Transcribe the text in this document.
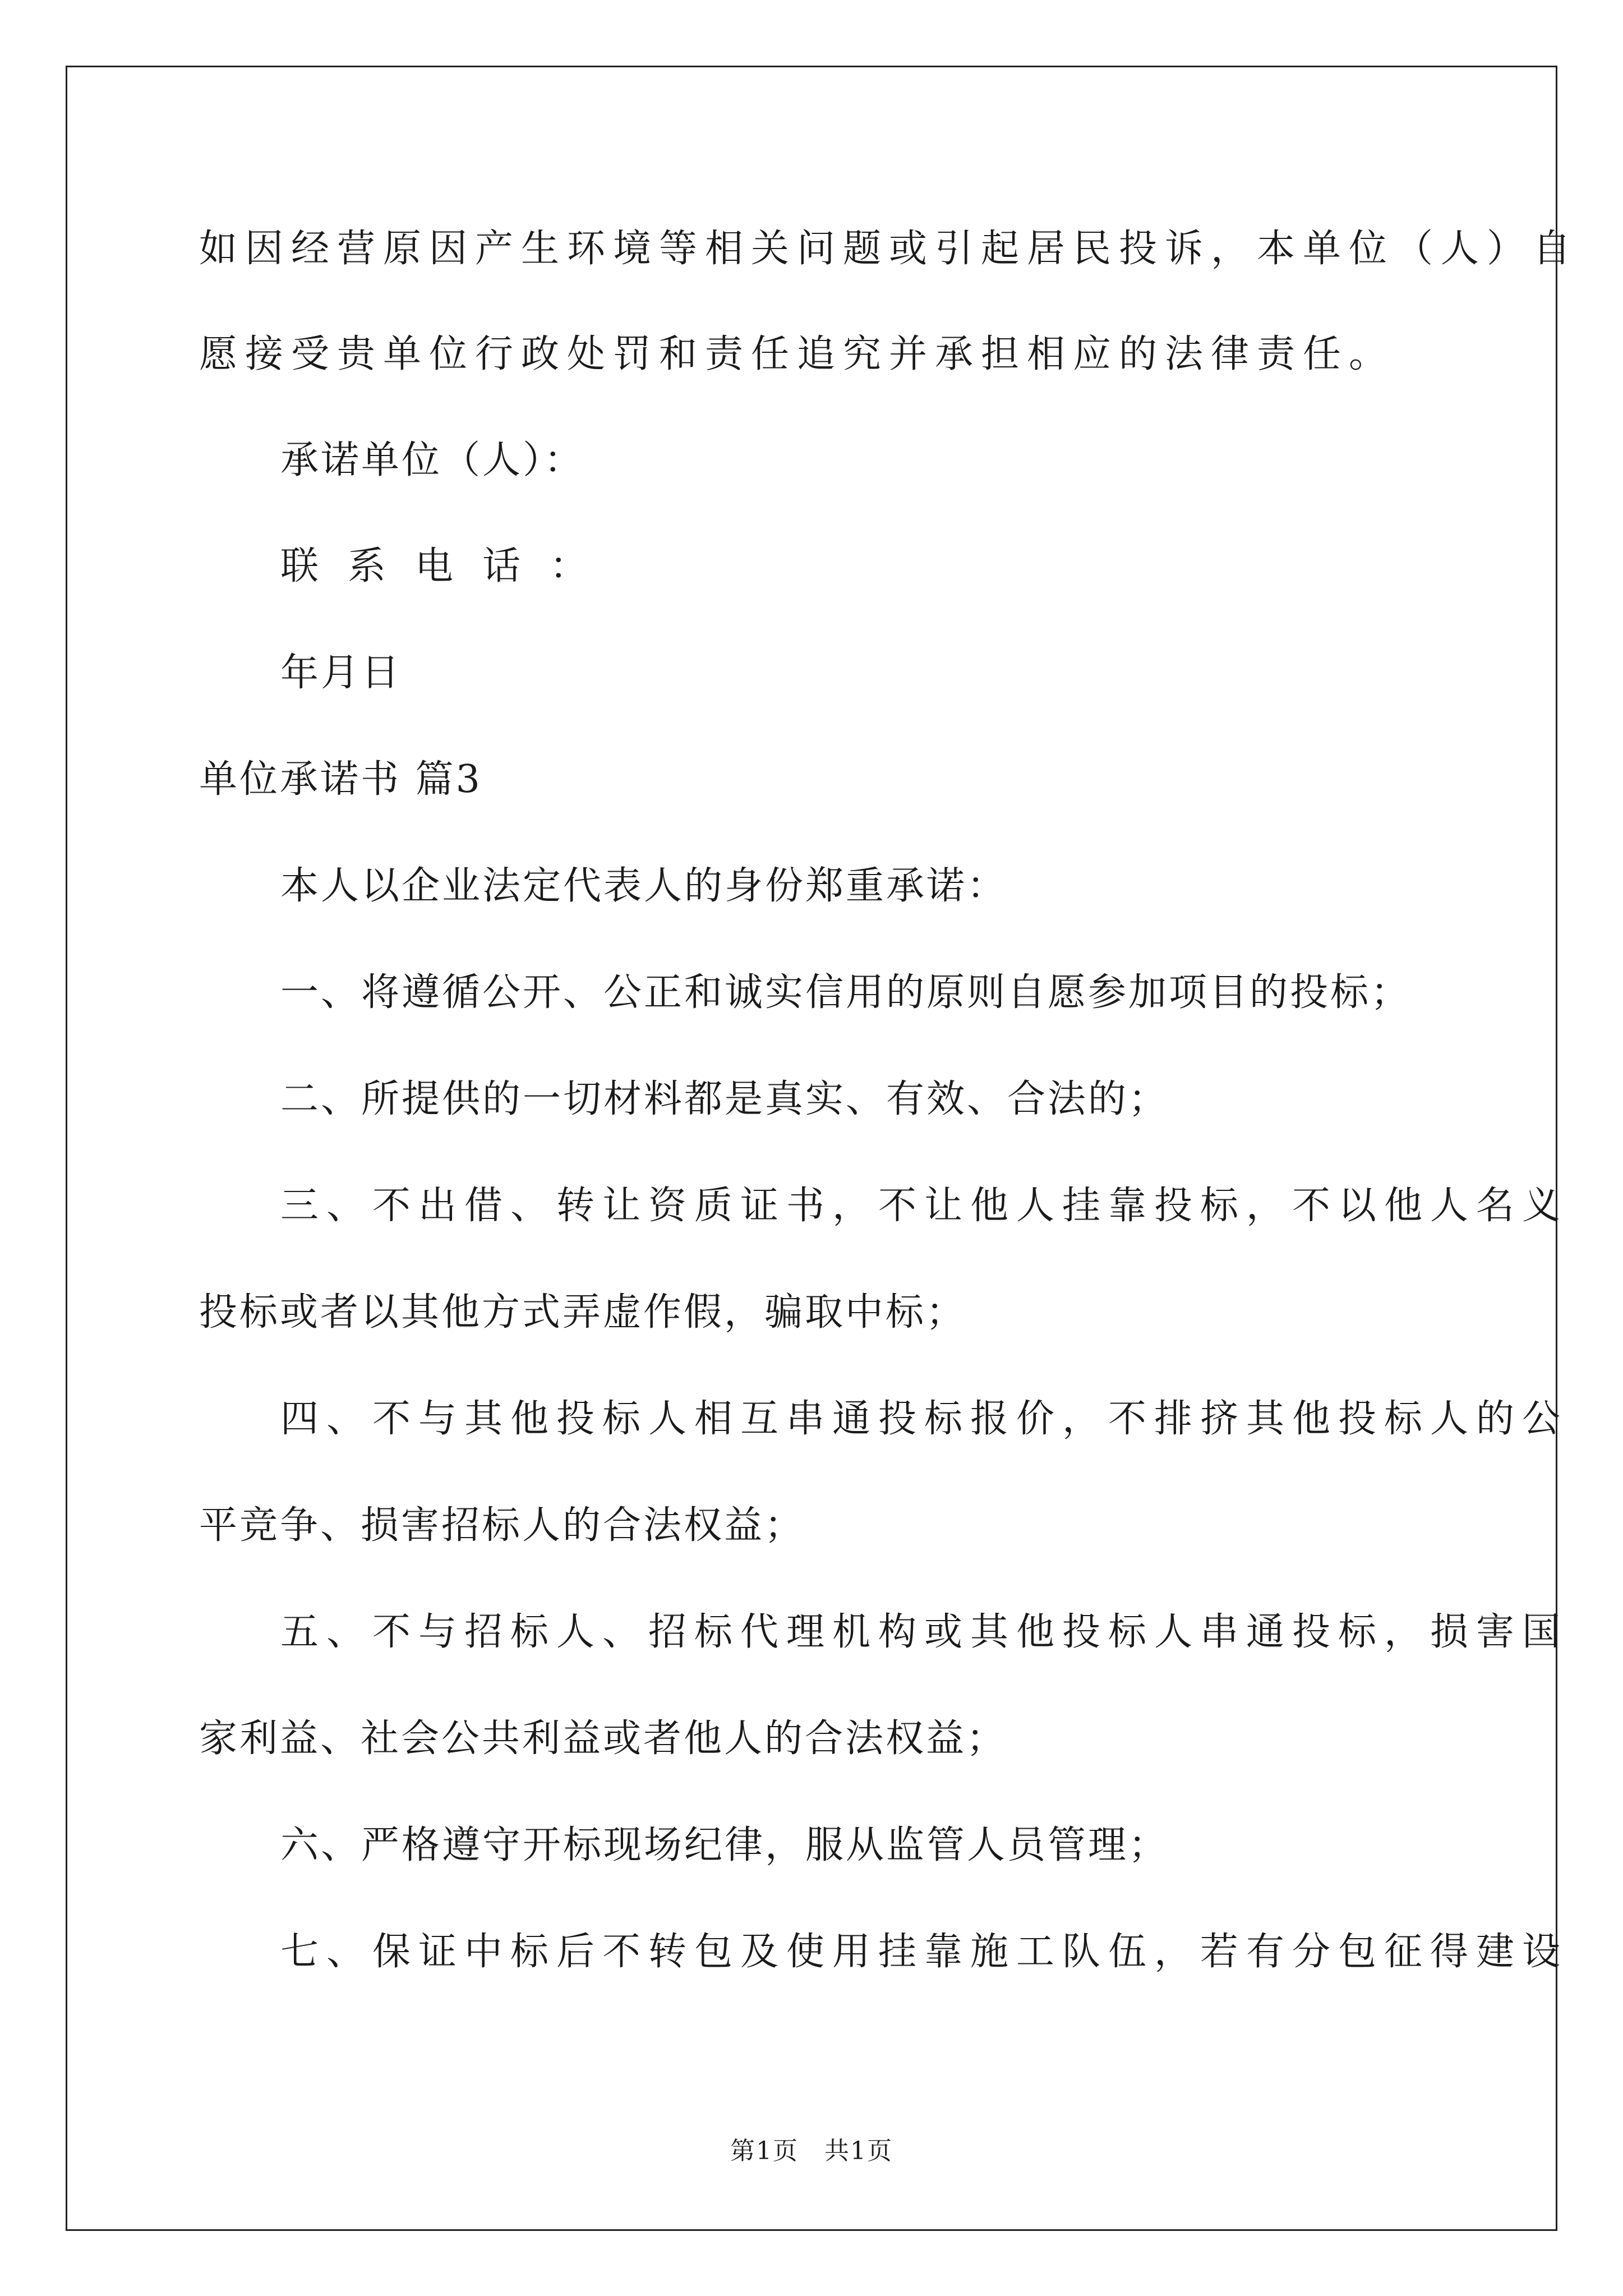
如因经营原因产生环境等相关问题或引起居民投诉，本单位（人）自
愿接受贵单位行政处罚和责任追究并承担相应的法律责任。
承诺单位（人）：
联系电话：
年月日
单位承诺书 篇3
本人以企业法定代表人的身份郑重承诺：
一、将遵循公开、公正和诚实信用的原则自愿参加项目的投标；
二、所提供的一切材料都是真实、有效、合法的；
三、不出借、转让资质证书，不让他人挂靠投标，不以他人名义
投标或者以其他方式弄虚作假，骗取中标；
四、不与其他投标人相互串通投标报价，不排挤其他投标人的公
平竞争、损害招标人的合法权益；
五、不与招标人、招标代理机构或其他投标人串通投标，损害国
家利益、社会公共利益或者他人的合法权益；
六、严格遵守开标现场纪律，服从监管人员管理；
七、保证中标后不转包及使用挂靠施工队伍，若有分包征得建设
第1页　共1页
